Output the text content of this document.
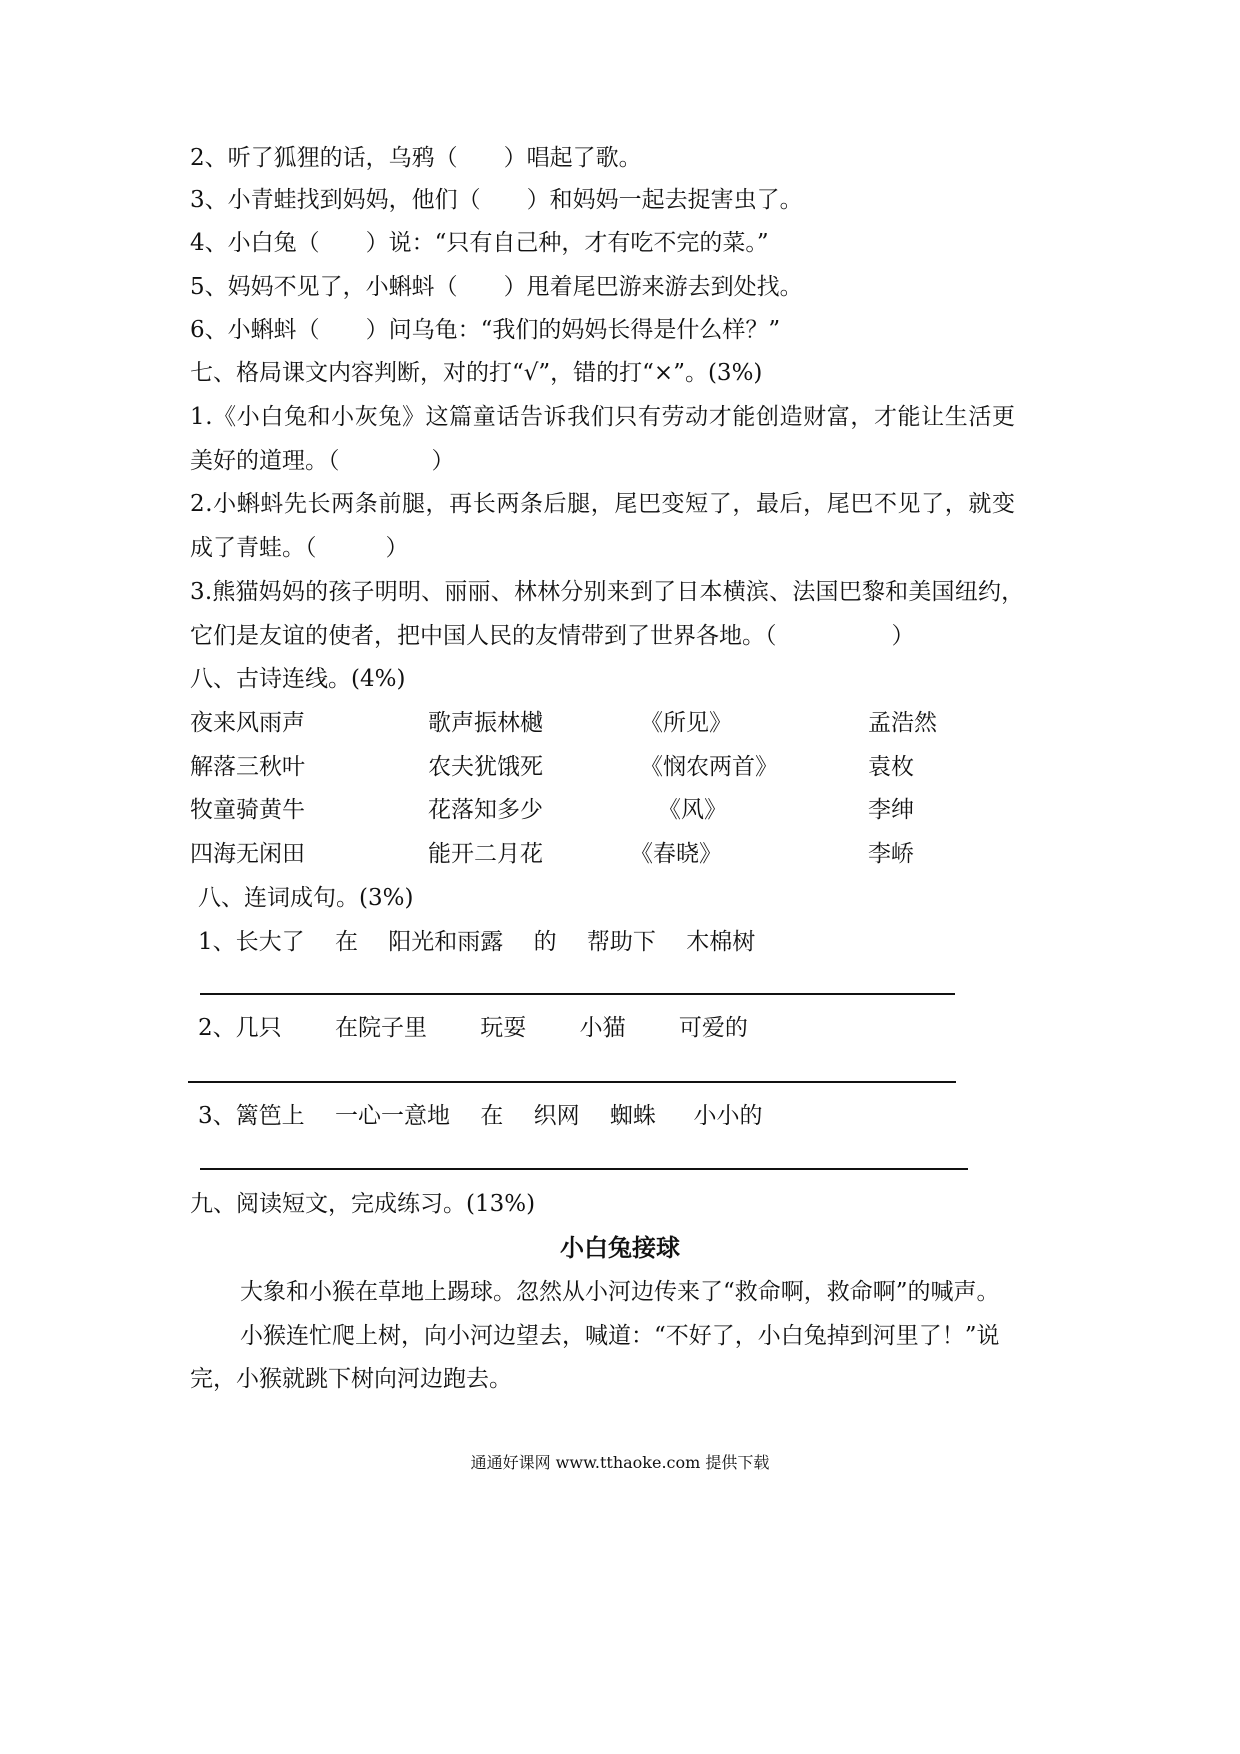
2、听了狐狸的话，乌鸦（　　）唱起了歌。
3、小青蛙找到妈妈，他们（　　）和妈妈一起去捉害虫了。
4、小白兔（　　）说：“只有自己种，才有吃不完的菜。”
5、妈妈不见了，小蝌蚪（　　）甩着尾巴游来游去到处找。
6、小蝌蚪（　　）问乌龟：“我们的妈妈长得是什么样？”
七、格局课文内容判断，对的打“√”，错的打“×”。(3%)
1.《小白兔和小灰兔》这篇童话告诉我们只有劳动才能创造财富，才能让生活更
美好的道理。（　　　　）
2.小蝌蚪先长两条前腿，再长两条后腿，尾巴变短了，最后，尾巴不见了，就变
成了青蛙。（　　　）
3.熊猫妈妈的孩子明明、丽丽、林林分别来到了日本横滨、法国巴黎和美国纽约，
它们是友谊的使者，把中国人民的友情带到了世界各地。（　　　　　）
八、古诗连线。(4%)
夜来风雨声	歌声振林樾	《所见》	孟浩然
解落三秋叶	农夫犹饿死	《悯农两首》	袁枚
牧童骑黄牛	花落知多少	《风》	李绅
四海无闲田	能开二月花	《春晓》	李峤
八、连词成句。(3%)
1、长大了　 在 　阳光和雨露　 的　 帮助下 　木棉树
2、几只　 　在院子里　 　玩耍　 　小猫　 　可爱的
3、篱笆上　 一心一意地 　在 　织网 　蜘蛛 　 小小的
九、阅读短文，完成练习。(13%)
小白兔接球
大象和小猴在草地上踢球。忽然从小河边传来了“救命啊，救命啊”的喊声。
小猴连忙爬上树，向小河边望去，喊道：“不好了，小白兔掉到河里了！”说
完，小猴就跳下树向河边跑去。
通通好课网 www.tthaoke.com 提供下载
